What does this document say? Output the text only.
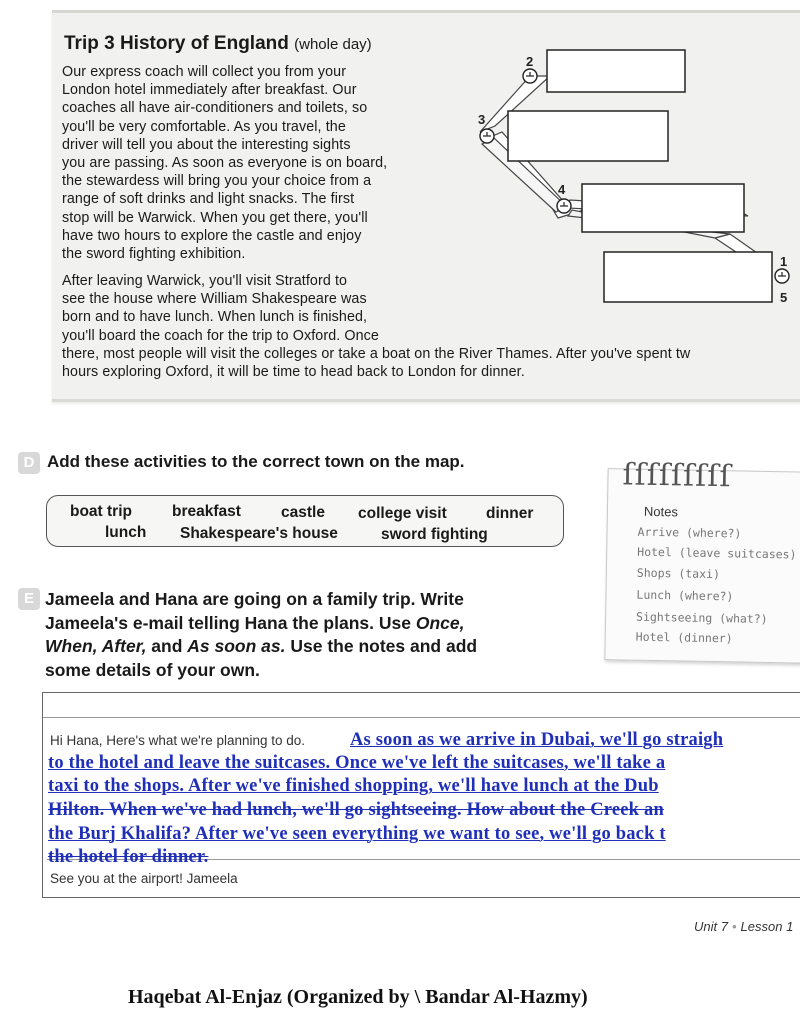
Trip 3 History of England (whole day)
Our express coach will collect you from your
London hotel immediately after breakfast. Our
coaches all have air-conditioners and toilets, so
you'll be very comfortable. As you travel, the
driver will tell you about the interesting sights
you are passing. As soon as everyone is on board,
the stewardess will bring you your choice from a
range of soft drinks and light snacks. The first
stop will be Warwick. When you get there, you'll
have two hours to explore the castle and enjoy
the sword fighting exhibition.
After leaving Warwick, you'll visit Stratford to
see the house where William Shakespeare was
born and to have lunch. When lunch is finished,
you'll board the coach for the trip to Oxford. Once
there, most people will visit the colleges or take a boat on the River Thames. After you've spent tw
hours exploring Oxford, it will be time to head back to London for dinner.
2
3
4
1
5
D Add these activities to the correct town on the map.
boat trip	breakfast	castle college visit	dinner
lunch Shakespeare's house	sword fighting
E Jameela and Hana are going on a family trip. Write
Jameela's e-mail telling Hana the plans. Use Once,
When, After, and As soon as. Use the notes and add
some details of your own.
ſſſſſſſſſ
Notes
Arrive (where?)
Hotel (leave suitcases)
Shops (taxi)
Lunch (where?)
Sightseeing (what?)
Hotel (dinner)
Hi Hana, Here's what we're planning to do. As soon as we arrive in Dubai, we'll go straigh
to the hotel and leave the suitcases. Once we've left the suitcases, we'll take a
taxi to the shops. After we've finished shopping, we'll have lunch at the Dub
Hilton. When we've had lunch, we'll go sightseeing. How about the Creek an
the Burj Khalifa? After we've seen everything we want to see, we'll go back t
the hotel for dinner.
See you at the airport! Jameela
Unit 7 • Lesson 1
Haqebat Al-Enjaz (Organized by \ Bandar Al-Hazmy)
